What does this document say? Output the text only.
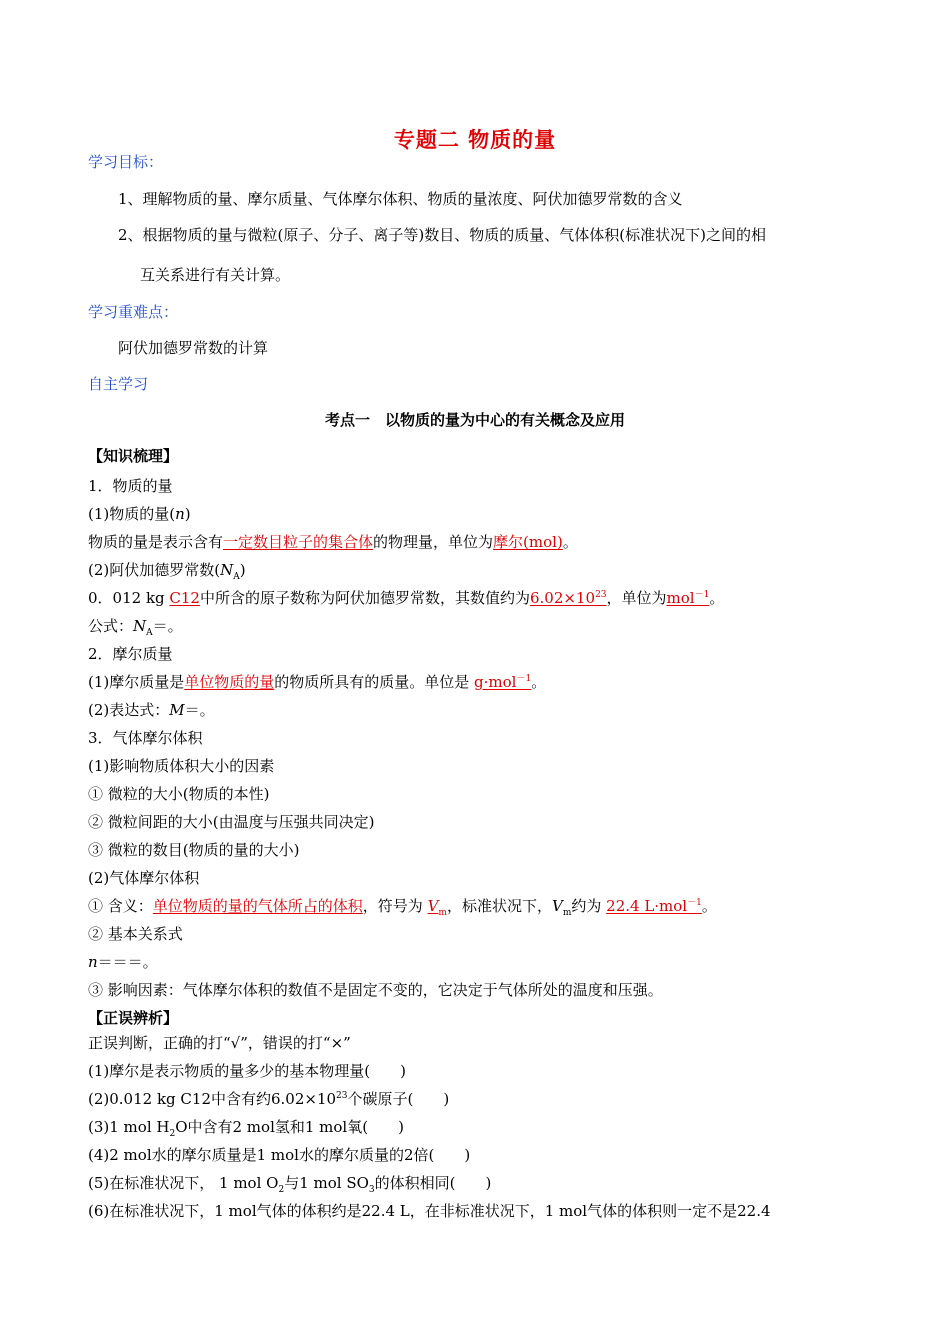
专题二 物质的量
学习目标：
1、理解物质的量、摩尔质量、气体摩尔体积、物质的量浓度、阿伏加德罗常数的含义
2、根据物质的量与微粒(原子、分子、离子等)数目、物质的质量、气体体积(标准状况下)之间的相
互关系进行有关计算。
学习重难点：
阿伏加德罗常数的计算
自主学习
考点一　以物质的量为中心的有关概念及应用
【知识梳理】
1．物质的量
(1)物质的量(n)
物质的量是表示含有一定数目粒子的集合体的物理量，单位为摩尔(mol)。
(2)阿伏加德罗常数$(N_A)$
0．012 kg C12中所含的原子数称为阿伏加德罗常数，其数值约为$6.02\times 10^{23}$，单位为mol$^{-1}$。
公式：$N_A=$。
2．摩尔质量
(1)摩尔质量是单位物质的量的物质所具有的质量。单位是 g·mol$^{-1}$。
(2)表达式：M＝。
3．气体摩尔体积
(1)影响物质体积大小的因素
① 微粒的大小(物质的本性)
② 微粒间距的大小(由温度与压强共同决定)
③ 微粒的数目(物质的量的大小)
(2)气体摩尔体积
① 含义：单位物质的量的气体所占的体积，符号为 $V_m$，标准状况下，$V_m$约为 22.4 L·mol$^{-1}$。
② 基本关系式
n＝＝＝。
③ 影响因素：气体摩尔体积的数值不是固定不变的，它决定于气体所处的温度和压强。
【正误辨析】
正误判断，正确的打“√”，错误的打“×”
(1)摩尔是表示物质的量多少的基本物理量(　　)
(2)0.012 kg C12中含有约$6.02\times 10^{23}$个碳原子(　　)
(3)1 mol $H_2O$中含有2 mol氢和1 mol氧(　　)
(4)2 mol水的摩尔质量是1 mol水的摩尔质量的2倍(　　)
(5)在标准状况下， 1 mol $O_2$与1 mol $SO_3$的体积相同(　　)
(6)在标准状况下，1 mol气体的体积约是22.4 L，在非标准状况下，1 mol气体的体积则一定不是22.4
